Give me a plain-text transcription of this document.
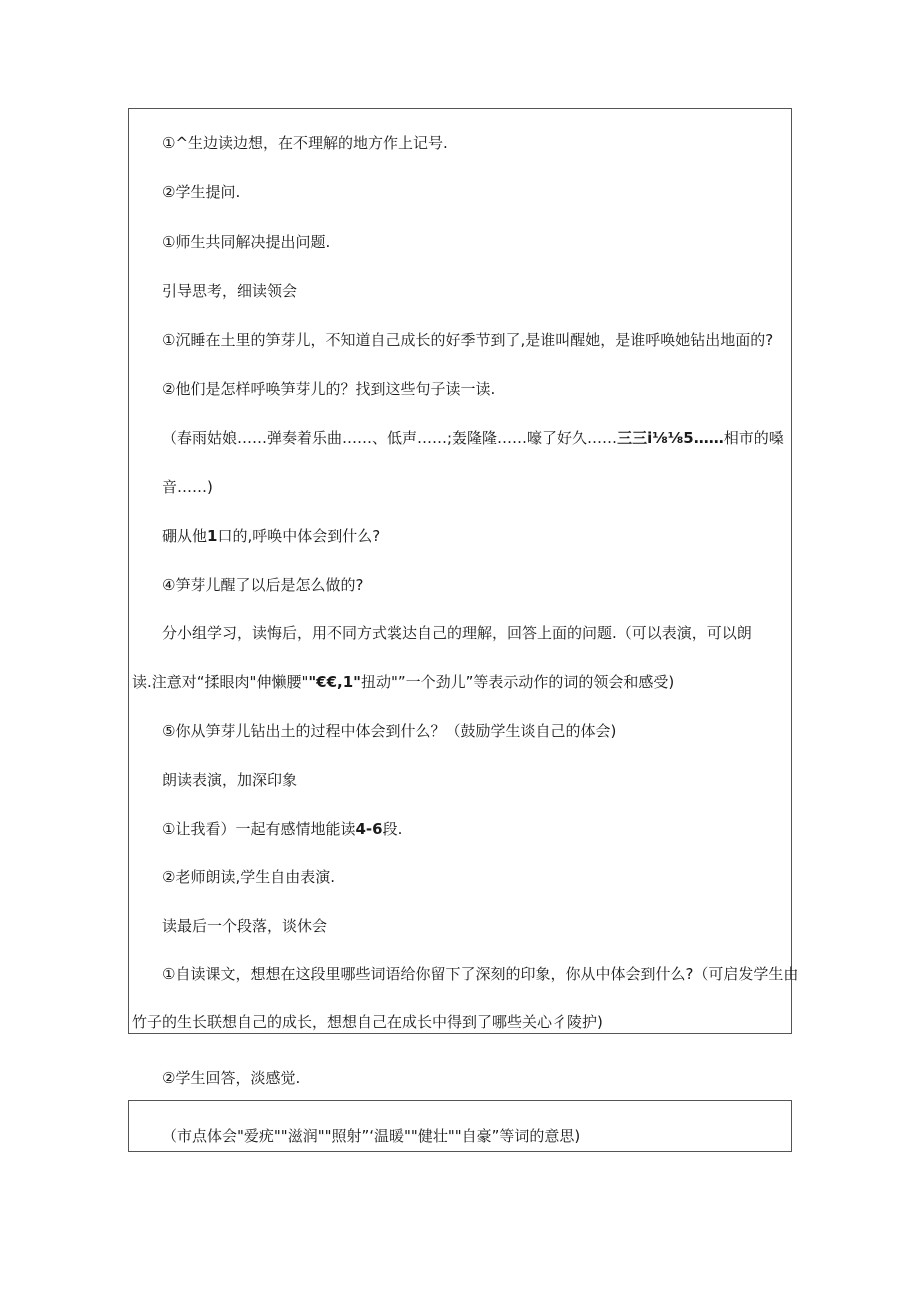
①^生边读边想，在不理解的地方作上记号.

②学生提问.

①师生共同解决提出问题.

引导思考，细读领会

①沉睡在土里的笋芽儿，不知道自己成长的好季节到了,是谁叫醒她，是谁呼唤她钻出地面的?

②他们是怎样呼唤笋芽儿的？找到这些句子读一读.

（春雨姑娘……弹奏着乐曲……、低声……;轰隆隆……嚎了好久……三三i⅛⅛5……相市的嗓

音……)

硼从他1口的,呼唤中体会到什么?

④笋芽儿醒了以后是怎么做的?

分小组学习，读悔后，用不同方式裳达自己的理解，回答上面的问题.（可以表演，可以朗

读.注意对“揉眼肉"伸懒腰""€€,1"扭动"”一个劲儿”等表示动作的词的领会和感受)

⑤你从笋芽儿钻出土的过程中体会到什么？（鼓励学生谈自己的体会)

朗读表演，加深印象

①让我看）一起有感情地能读4-6段.

②老师朗读,学生自由表演.

读最后一个段落，谈休会

①自读课文，想想在这段里哪些词语给你留下了深刻的印象，你从中体会到什么?（可启发学生由

竹子的生长联想自己的成长，想想自己在成长中得到了哪些关心彳陵护)

②学生回答，淡感觉.

（市点体会"爱疣""滋润""照射”‘温暖""健壮""自豪”等词的意思)
